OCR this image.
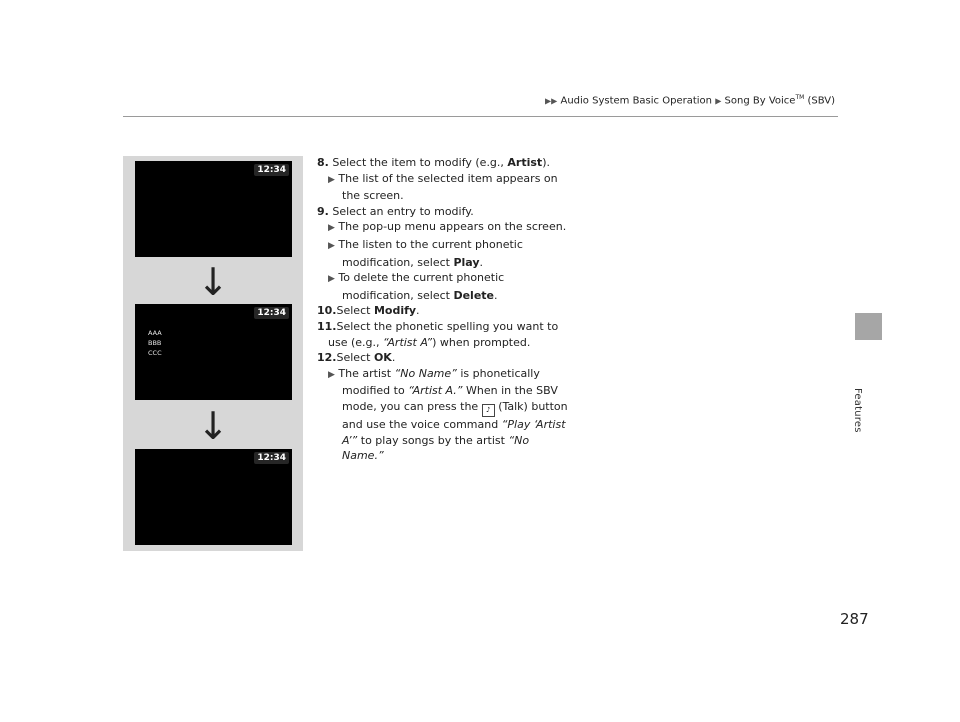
▶▶ Audio System Basic Operation ▶ Song By Voice™ (SBV)
Features
12:34
↓
12:34
AAA
BBB
CCC
↓
12:34
8. Select the item to modify (e.g., Artist).
▶ The list of the selected item appears on
the screen.
9. Select an entry to modify.
▶ The pop-up menu appears on the screen.
▶ The listen to the current phonetic
modification, select Play.
▶ To delete the current phonetic
modification, select Delete.
10.Select Modify.
11.Select the phonetic spelling you want to
use (e.g., “Artist A”) when prompted.
12.Select OK.
▶ The artist “No Name” is phonetically
modified to “Artist A.” When in the SBV
mode, you can press the ♪ (Talk) button
and use the voice command “Play ‘Artist
A’” to play songs by the artist “No
Name.”
287
